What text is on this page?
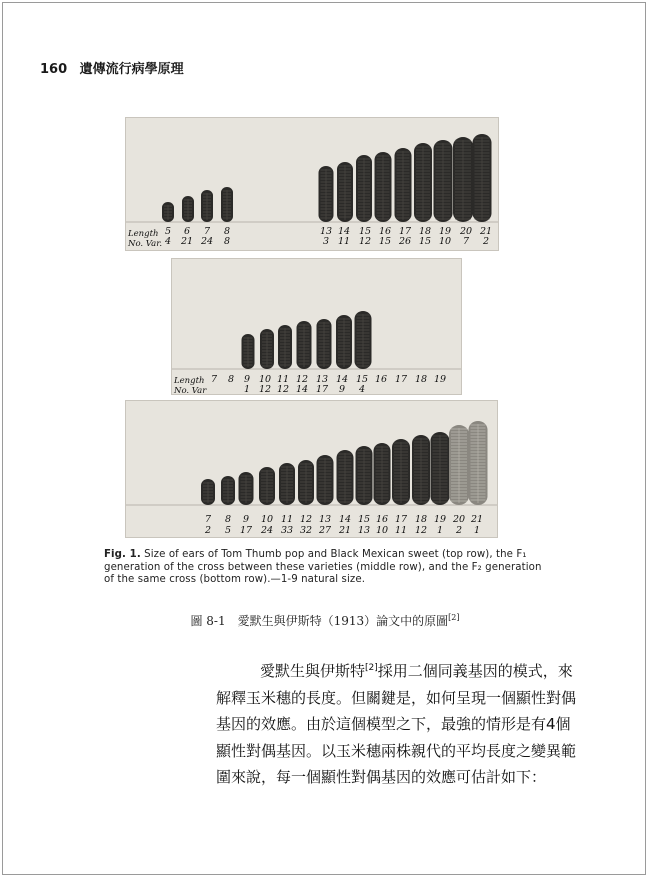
160 遺傳流行病學原理
Length
No. Var.
5 6 7 8
4 21 24 8
13 14 15 16 17 18 19 20 21
3 11 12 15 26 15 10 7 2
Length
No. Var
7 8 9 10 11 12 13 14 15 16 17 18 19
1 12 12 14 17 9 4
7 8 9 10 11 12 13 14 15 16 17 18 19 20 21
2 5 17 24 33 32 27 21 13 10 11 12 1 2 1
Fig. 1. Size of ears of Tom Thumb pop and Black Mexican sweet (top row), the F₁ generation of the cross between these varieties (middle row), and the F₂ generation of the same cross (bottom row).—1-9 natural size.
圖 8-1　愛默生與伊斯特（1913）論文中的原圖[2]

愛默生與伊斯特[2]採用二個同義基因的模式，來解釋玉米穗的長度。但關鍵是，如何呈現一個顯性對偶基因的效應。由於這個模型之下，最強的情形是有4個顯性對偶基因。以玉米穗兩株親代的平均長度之變異範圍來說，每一個顯性對偶基因的效應可估計如下：
